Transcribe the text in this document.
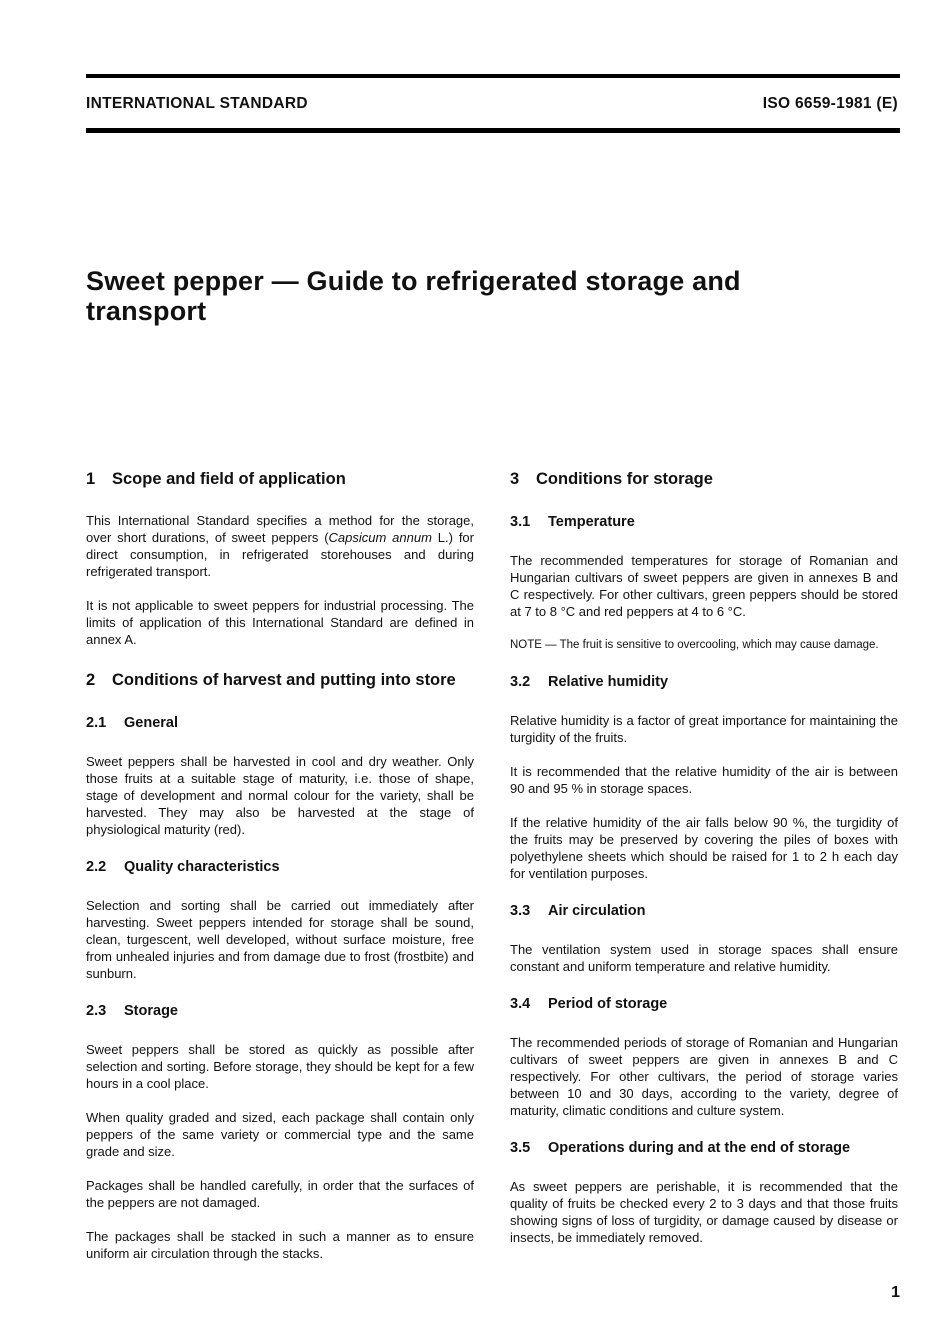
INTERNATIONAL STANDARD	ISO 6659-1981 (E)
Sweet pepper — Guide to refrigerated storage and transport
1 Scope and field of application

This International Standard specifies a method for the storage, over short durations, of sweet peppers (Capsicum annum L.) for direct consumption, in refrigerated storehouses and during refrigerated transport.

It is not applicable to sweet peppers for industrial processing. The limits of application of this International Standard are defined in annex A.

2 Conditions of harvest and putting into store
2.1 General

Sweet peppers shall be harvested in cool and dry weather. Only those fruits at a suitable stage of maturity, i.e. those of shape, stage of development and normal colour for the variety, shall be harvested. They may also be harvested at the stage of physiological maturity (red).

2.2 Quality characteristics

Selection and sorting shall be carried out immediately after harvesting. Sweet peppers intended for storage shall be sound, clean, turgescent, well developed, without surface moisture, free from unhealed injuries and from damage due to frost (frostbite) and sunburn.

2.3 Storage

Sweet peppers shall be stored as quickly as possible after selection and sorting. Before storage, they should be kept for a few hours in a cool place.

When quality graded and sized, each package shall contain only peppers of the same variety or commercial type and the same grade and size.

Packages shall be handled carefully, in order that the surfaces of the peppers are not damaged.

The packages shall be stacked in such a manner as to ensure uniform air circulation through the stacks.

3 Conditions for storage
3.1 Temperature

The recommended temperatures for storage of Romanian and Hungarian cultivars of sweet peppers are given in annexes B and C respectively. For other cultivars, green peppers should be stored at 7 to 8 °C and red peppers at 4 to 6 °C.

NOTE — The fruit is sensitive to overcooling, which may cause damage.

3.2 Relative humidity

Relative humidity is a factor of great importance for maintaining the turgidity of the fruits.

It is recommended that the relative humidity of the air is between 90 and 95 % in storage spaces.

If the relative humidity of the air falls below 90 %, the turgidity of the fruits may be preserved by covering the piles of boxes with polyethylene sheets which should be raised for 1 to 2 h each day for ventilation purposes.

3.3 Air circulation

The ventilation system used in storage spaces shall ensure constant and uniform temperature and relative humidity.

3.4 Period of storage

The recommended periods of storage of Romanian and Hungarian cultivars of sweet peppers are given in annexes B and C respectively. For other cultivars, the period of storage varies between 10 and 30 days, according to the variety, degree of maturity, climatic conditions and culture system.

3.5 Operations during and at the end of storage

As sweet peppers are perishable, it is recommended that the quality of fruits be checked every 2 to 3 days and that those fruits showing signs of loss of turgidity, or damage caused by disease or insects, be immediately removed.

1
